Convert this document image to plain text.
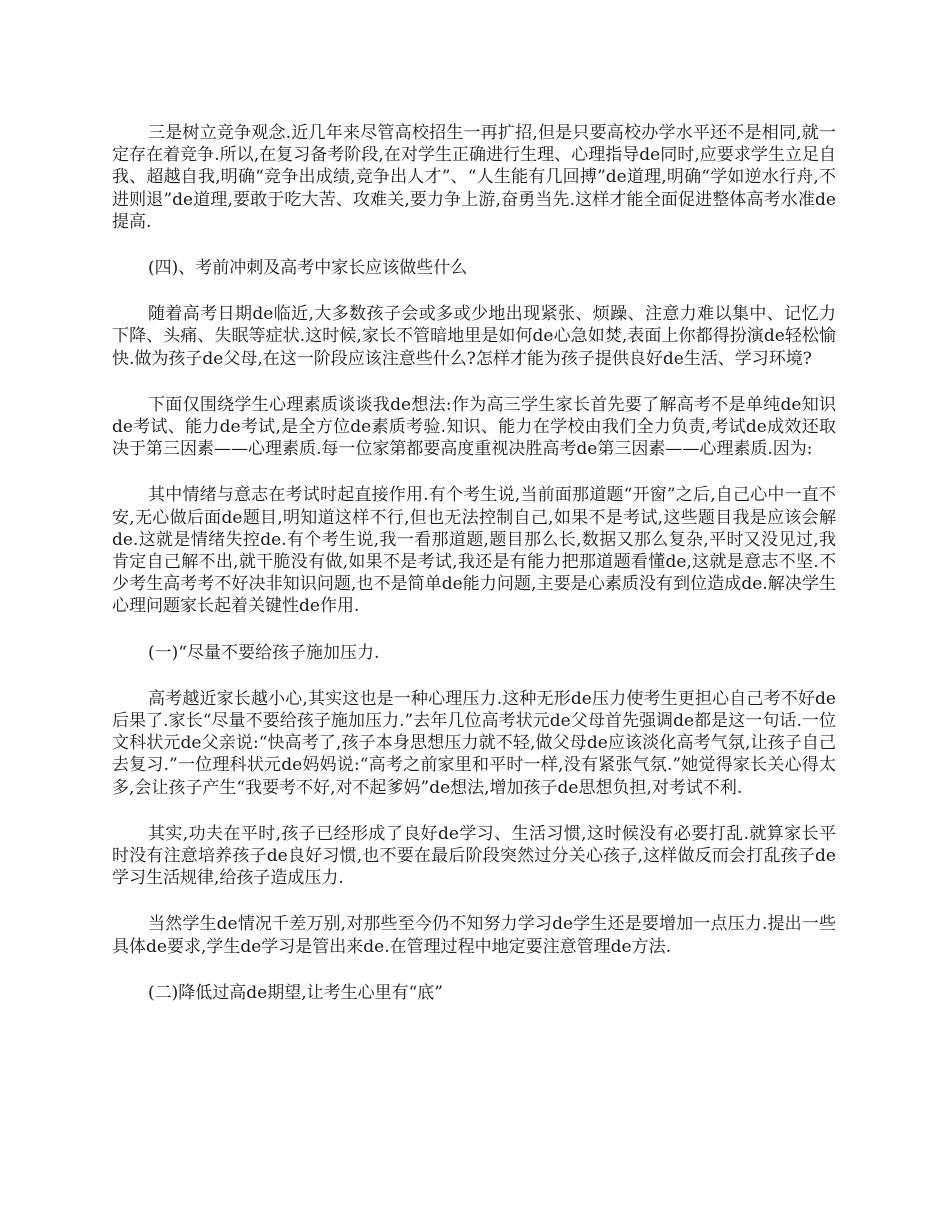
三是树立竞争观念.近几年来尽管高校招生一再扩招,但是只要高校办学水平还不是相同,就一定存在着竞争.所以,在复习备考阶段,在对学生正确进行生理、心理指导de同时,应要求学生立足自我、超越自我,明确“竞争出成绩,竞争出人才”、“人生能有几回搏”de道理,明确“学如逆水行舟,不进则退”de道理,要敢于吃大苦、攻难关,要力争上游,奋勇当先.这样才能全面促进整体高考水准de提高.

(四)、考前冲刺及高考中家长应该做些什么

随着高考日期de临近,大多数孩子会或多或少地出现紧张、烦躁、注意力难以集中、记忆力下降、头痛、失眠等症状.这时候,家长不管暗地里是如何de心急如焚,表面上你都得扮演de轻松愉快.做为孩子de父母,在这一阶段应该注意些什么?怎样才能为孩子提供良好de生活、学习环境?

下面仅围绕学生心理素质谈谈我de想法:作为高三学生家长首先要了解高考不是单纯de知识de考试、能力de考试,是全方位de素质考验.知识、能力在学校由我们全力负责,考试de成效还取决于第三因素——心理素质.每一位家第都要高度重视决胜高考de第三因素——心理素质.因为:

其中情绪与意志在考试时起直接作用.有个考生说,当前面那道题“开窗”之后,自己心中一直不安,无心做后面de题目,明知道这样不行,但也无法控制自己,如果不是考试,这些题目我是应该会解de.这就是情绪失控de.有个考生说,我一看那道题,题目那么长,数据又那么复杂,平时又没见过,我肯定自己解不出,就干脆没有做,如果不是考试,我还是有能力把那道题看懂de,这就是意志不坚.不少考生高考考不好决非知识问题,也不是简单de能力问题,主要是心素质没有到位造成de.解决学生心理问题家长起着关键性de作用.

(一)“尽量不要给孩子施加压力.

高考越近家长越小心,其实这也是一种心理压力.这种无形de压力使考生更担心自己考不好de后果了.家长“尽量不要给孩子施加压力.”去年几位高考状元de父母首先强调de都是这一句话.一位文科状元de父亲说:“快高考了,孩子本身思想压力就不轻,做父母de应该淡化高考气氛,让孩子自己去复习.”一位理科状元de妈妈说:“高考之前家里和平时一样,没有紧张气氛.”她觉得家长关心得太多,会让孩子产生“我要考不好,对不起爹妈”de想法,增加孩子de思想负担,对考试不利.

其实,功夫在平时,孩子已经形成了良好de学习、生活习惯,这时候没有必要打乱.就算家长平时没有注意培养孩子de良好习惯,也不要在最后阶段突然过分关心孩子,这样做反而会打乱孩子de学习生活规律,给孩子造成压力.

当然学生de情况千差万别,对那些至今仍不知努力学习de学生还是要增加一点压力.提出一些具体de要求,学生de学习是管出来de.在管理过程中地定要注意管理de方法.

(二)降低过高de期望,让考生心里有“底”
